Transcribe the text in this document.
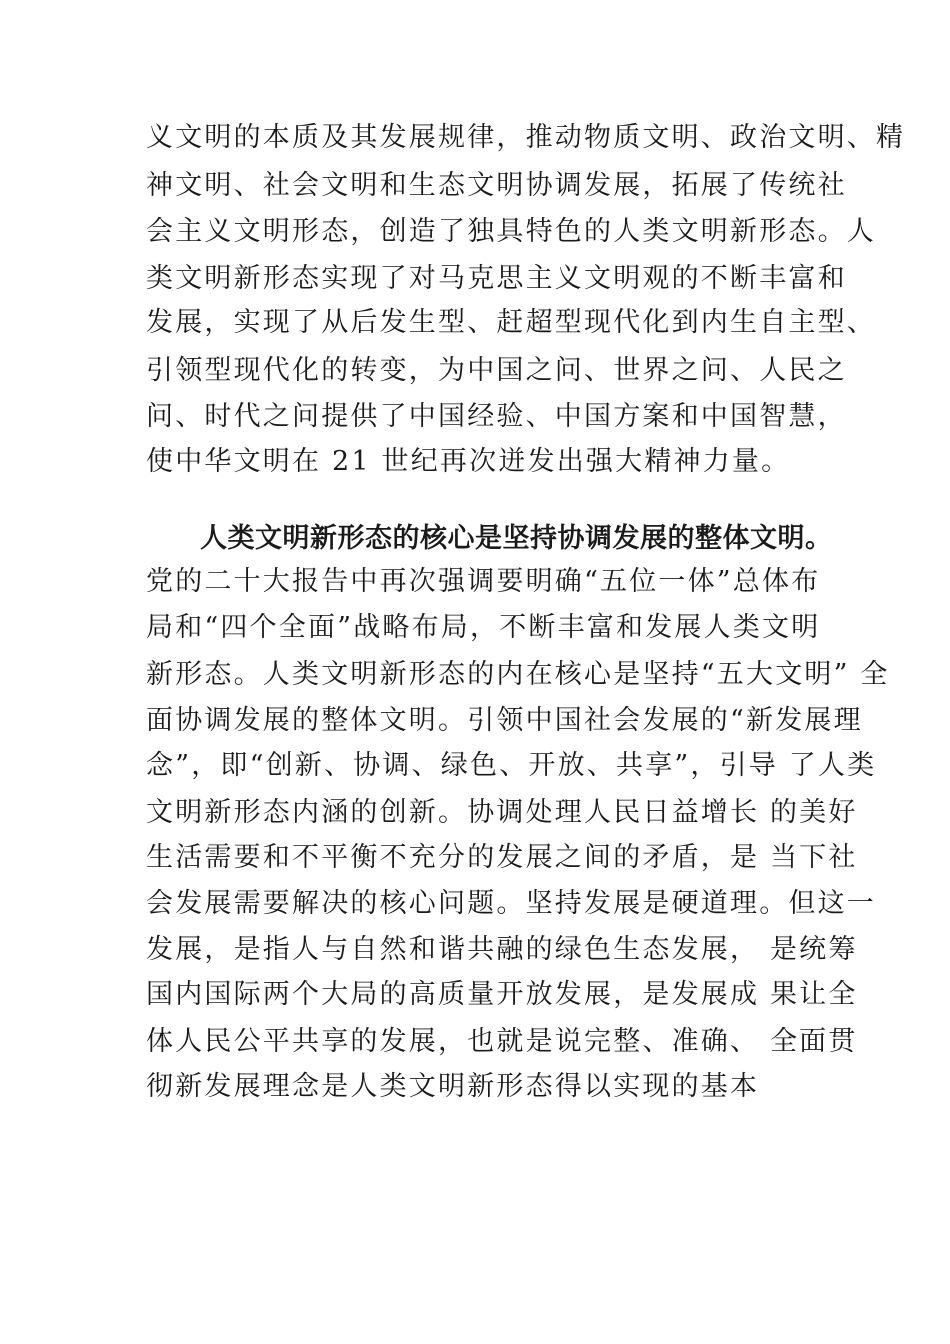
义文明的本质及其发展规律，推动物质文明、政治文明、精
神文明、社会文明和生态文明协调发展，拓展了传统社
会主义文明形态，创造了独具特色的人类文明新形态。人
类文明新形态实现了对马克思主义文明观的不断丰富和
发展，实现了从后发生型、赶超型现代化到内生自主型、
引领型现代化的转变，为中国之问、世界之问、人民之
问、时代之问提供了中国经验、中国方案和中国智慧，
使中华文明在 21 世纪再次迸发出强大精神力量。
人类文明新形态的核心是坚持协调发展的整体文明。
党的二十大报告中再次强调要明确“五位一体”总体布
局和“四个全面”战略布局，不断丰富和发展人类文明
新形态。人类文明新形态的内在核心是坚持“五大文明” 全
面协调发展的整体文明。引领中国社会发展的“新发展理
念”，即“创新、协调、绿色、开放、共享”，引导 了人类
文明新形态内涵的创新。协调处理人民日益增长 的美好
生活需要和不平衡不充分的发展之间的矛盾，是 当下社
会发展需要解决的核心问题。坚持发展是硬道理。但这一
发展，是指人与自然和谐共融的绿色生态发展， 是统筹
国内国际两个大局的高质量开放发展，是发展成 果让全
体人民公平共享的发展，也就是说完整、准确、 全面贯
彻新发展理念是人类文明新形态得以实现的基本
